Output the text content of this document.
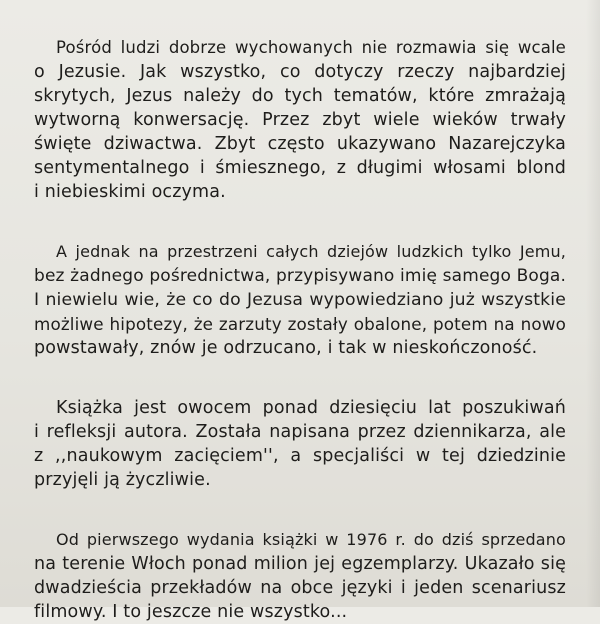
Pośród ludzi dobrze wychowanych nie rozmawia się wcale
o Jezusie. Jak wszystko, co dotyczy rzeczy najbardziej
skrytych, Jezus należy do tych tematów, które zmrażają
wytworną konwersację. Przez zbyt wiele wieków trwały
święte dziwactwa. Zbyt często ukazywano Nazarejczyka
sentymentalnego i śmiesznego, z długimi włosami blond
i niebieskimi oczyma.

A jednak na przestrzeni całych dziejów ludzkich tylko Jemu,
bez żadnego pośrednictwa, przypisywano imię samego Boga.
I niewielu wie, że co do Jezusa wypowiedziano już wszystkie
możliwe hipotezy, że zarzuty zostały obalone, potem na nowo
powstawały, znów je odrzucano, i tak w nieskończoność.

Książka jest owocem ponad dziesięciu lat poszukiwań
i refleksji autora. Została napisana przez dziennikarza, ale
z ,,naukowym zacięciem'', a specjaliści w tej dziedzinie
przyjęli ją życzliwie.

Od pierwszego wydania książki w 1976 r. do dziś sprzedano
na terenie Włoch ponad milion jej egzemplarzy. Ukazało się
dwadzieścia przekładów na obce języki i jeden scenariusz
filmowy. I to jeszcze nie wszystko...
